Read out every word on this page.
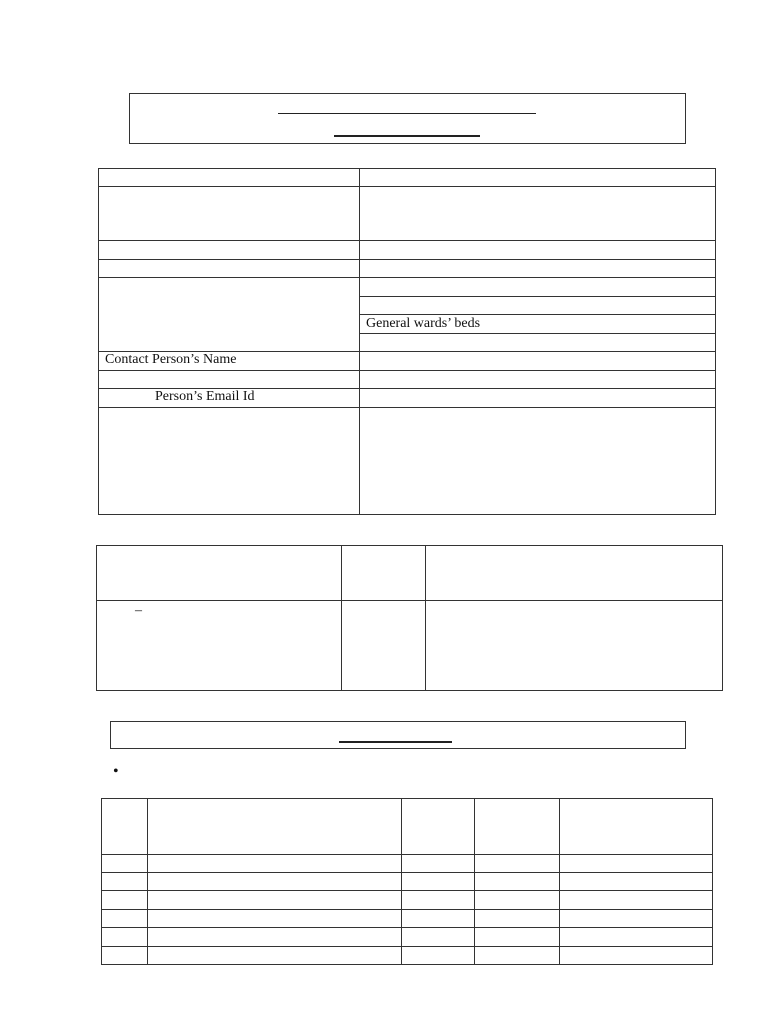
General wards’ beds
Contact Person’s Name
Person’s Email Id
–
•
